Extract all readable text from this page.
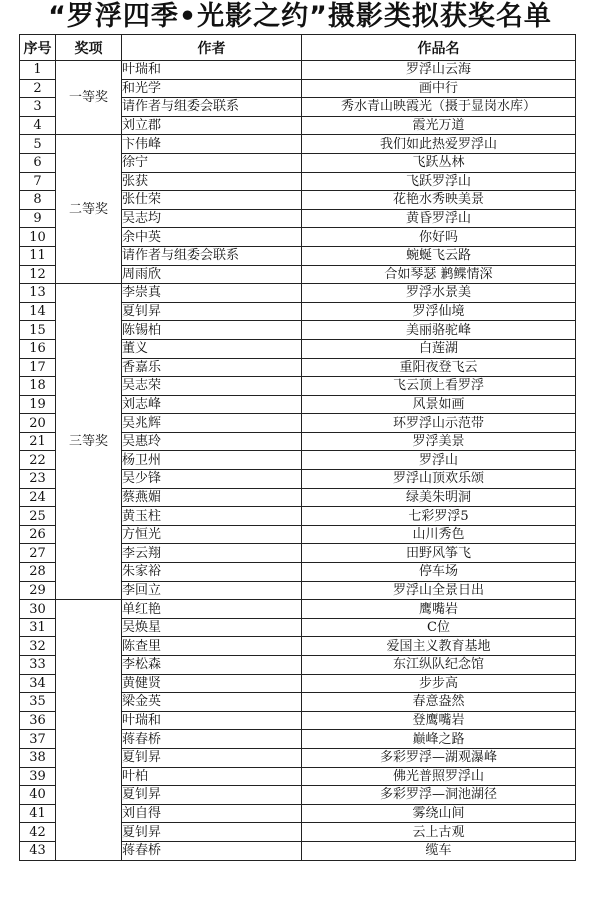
“罗浮四季•光影之约”摄影类拟获奖名单
序号	奖项	作者	作品名
1	一等奖	叶瑞和	罗浮山云海
2		和光学	画中行
3		请作者与组委会联系	秀水青山映霞光（摄于显岗水库）
4		刘立郡	霞光万道
5	二等奖	卞伟峰	我们如此热爱罗浮山
6		徐宁	飞跃丛林
7		张获	飞跃罗浮山
8		张仕荣	花艳水秀映美景
9		吴志均	黄昏罗浮山
10		余中英	你好吗
11		请作者与组委会联系	蜿蜒飞云路
12		周雨欣	合如琴瑟 鹣鲽情深
13	三等奖	李崇真	罗浮水景美
14		夏钊昇	罗浮仙境
15		陈锡柏	美丽骆驼峰
16		董义	白莲湖
17		香嘉乐	重阳夜登飞云
18		吴志荣	飞云顶上看罗浮
19		刘志峰	风景如画
20		吴兆辉	环罗浮山示范带
21		吴惠玲	罗浮美景
22		杨卫州	罗浮山
23		吴少锋	罗浮山顶欢乐颂
24		蔡燕媚	绿美朱明洞
25		黄玉柱	七彩罗浮5
26		方恒光	山川秀色
27		李云翔	田野风筝飞
28		朱家裕	停车场
29		李回立	罗浮山全景日出
30		单红艳	鹰嘴岩
31		吴焕星	C位
32		陈查里	爱国主义教育基地
33		李松森	东江纵队纪念馆
34		黄健贤	步步高
35		梁金英	春意盎然
36		叶瑞和	登鹰嘴岩
37		蒋春桥	巅峰之路
38		夏钊昇	多彩罗浮—湖观瀑峰
39		叶柏	佛光普照罗浮山
40		夏钊昇	多彩罗浮—洞池湖径
41		刘自得	雾绕山间
42		夏钊昇	云上古观
43		蒋春桥	缆车
